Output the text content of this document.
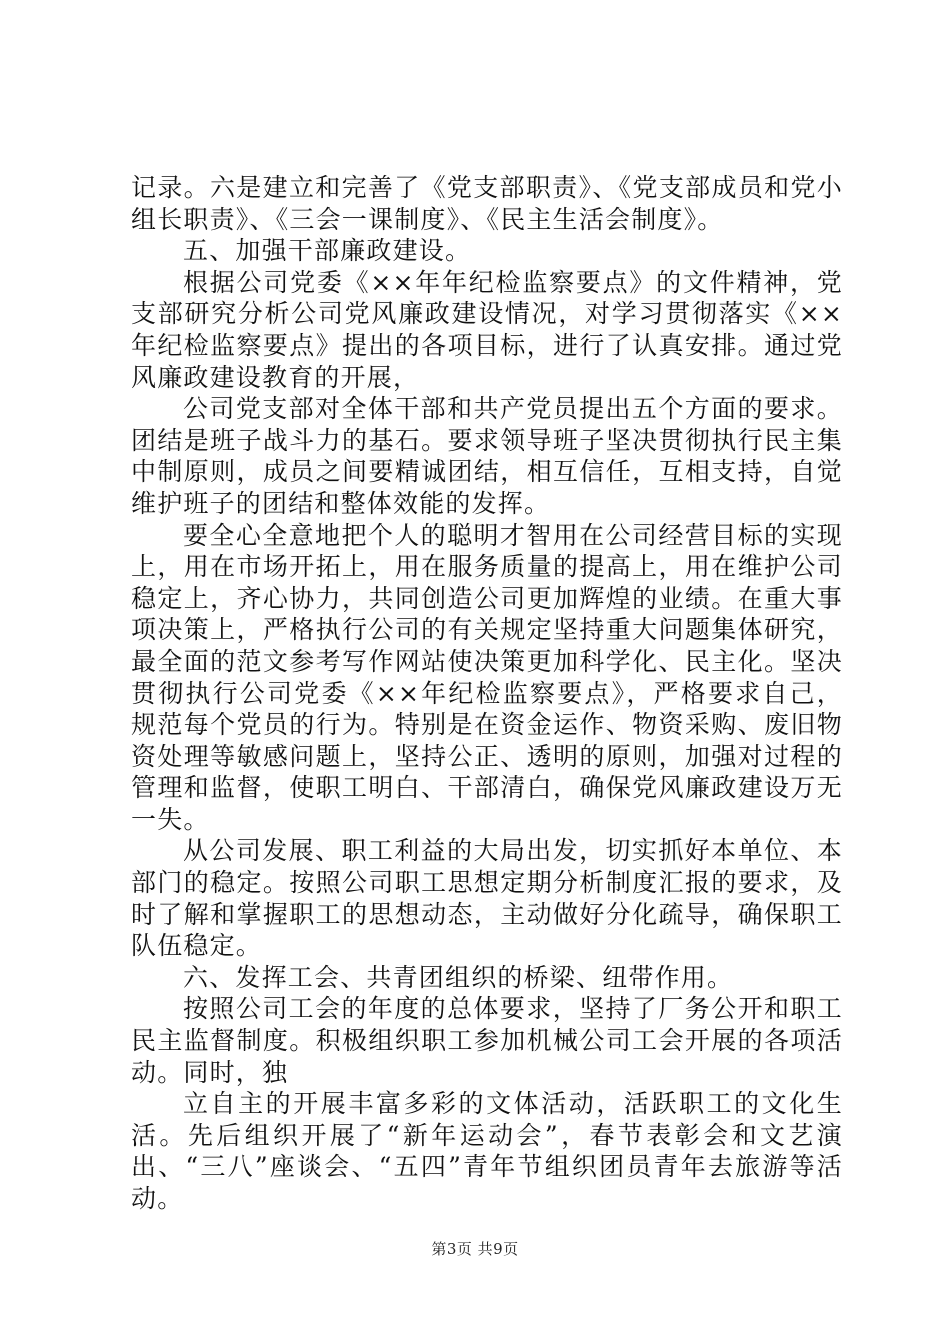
记录。六是建立和完善了《党支部职责》、《党支部成员和党小组长职责》、《三会一课制度》、《民主生活会制度》。

五、加强干部廉政建设。

根据公司党委《××年年纪检监察要点》的文件精神，党支部研究分析公司党风廉政建设情况，对学习贯彻落实《××年纪检监察要点》提出的各项目标，进行了认真安排。通过党风廉政建设教育的开展，

公司党支部对全体干部和共产党员提出五个方面的要求。团结是班子战斗力的基石。要求领导班子坚决贯彻执行民主集中制原则，成员之间要精诚团结，相互信任，互相支持，自觉维护班子的团结和整体效能的发挥。

要全心全意地把个人的聪明才智用在公司经营目标的实现上，用在市场开拓上，用在服务质量的提高上，用在维护公司稳定上，齐心协力，共同创造公司更加辉煌的业绩。在重大事项决策上，严格执行公司的有关规定坚持重大问题集体研究，最全面的范文参考写作网站使决策更加科学化、民主化。坚决贯彻执行公司党委《××年纪检监察要点》，严格要求自己，规范每个党员的行为。特别是在资金运作、物资采购、废旧物资处理等敏感问题上，坚持公正、透明的原则，加强对过程的管理和监督，使职工明白、干部清白，确保党风廉政建设万无一失。

从公司发展、职工利益的大局出发，切实抓好本单位、本部门的稳定。按照公司职工思想定期分析制度汇报的要求，及时了解和掌握职工的思想动态，主动做好分化疏导，确保职工队伍稳定。

六、发挥工会、共青团组织的桥梁、纽带作用。

按照公司工会的年度的总体要求，坚持了厂务公开和职工民主监督制度。积极组织职工参加机械公司工会开展的各项活动。同时，独

立自主的开展丰富多彩的文体活动，活跃职工的文化生活。先后组织开展了“新年运动会”，春节表彰会和文艺演出、“三八”座谈会、“五四”青年节组织团员青年去旅游等活动。

第3页 共9页
